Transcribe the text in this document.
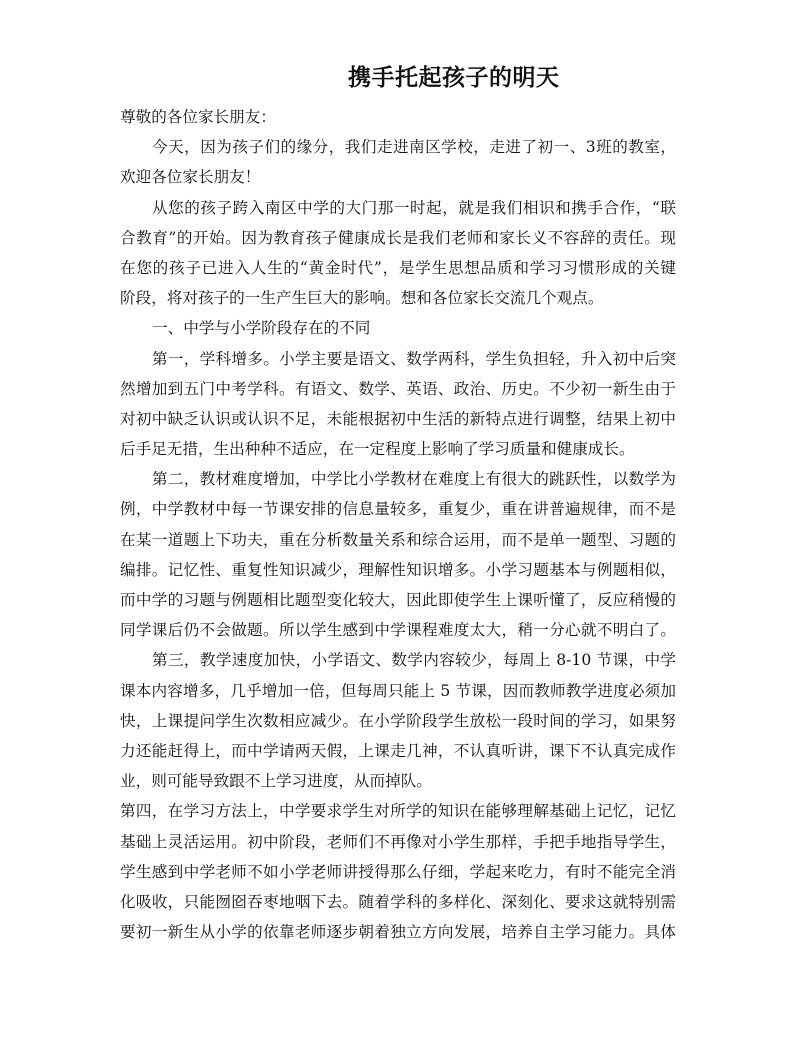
携手托起孩子的明天
尊敬的各位家长朋友：
今天，因为孩子们的缘分，我们走进南区学校，走进了初一、3班的教室，
欢迎各位家长朋友！
从您的孩子跨入南区中学的大门那一时起，就是我们相识和携手合作，“联
合教育”的开始。因为教育孩子健康成长是我们老师和家长义不容辞的责任。现
在您的孩子已进入人生的“黄金时代”，是学生思想品质和学习习惯形成的关键
阶段，将对孩子的一生产生巨大的影响。想和各位家长交流几个观点。
一、中学与小学阶段存在的不同
第一，学科增多。小学主要是语文、数学两科，学生负担轻，升入初中后突
然增加到五门中考学科。有语文、数学、英语、政治、历史。不少初一新生由于
对初中缺乏认识或认识不足，未能根据初中生活的新特点进行调整，结果上初中
后手足无措，生出种种不适应，在一定程度上影响了学习质量和健康成长。
第二，教材难度增加，中学比小学教材在难度上有很大的跳跃性，以数学为
例，中学教材中每一节课安排的信息量较多，重复少，重在讲普遍规律，而不是
在某一道题上下功夫，重在分析数量关系和综合运用，而不是单一题型、习题的
编排。记忆性、重复性知识减少，理解性知识增多。小学习题基本与例题相似，
而中学的习题与例题相比题型变化较大，因此即使学生上课听懂了，反应稍慢的
同学课后仍不会做题。所以学生感到中学课程难度太大，稍一分心就不明白了。
第三，教学速度加快，小学语文、数学内容较少，每周上 8-10 节课，中学
课本内容增多，几乎增加一倍，但每周只能上 5 节课，因而教师教学进度必须加
快，上课提问学生次数相应减少。在小学阶段学生放松一段时间的学习，如果努
力还能赶得上，而中学请两天假，上课走几神，不认真听讲，课下不认真完成作
业，则可能导致跟不上学习进度，从而掉队。
第四，在学习方法上，中学要求学生对所学的知识在能够理解基础上记忆，记忆
基础上灵活运用。初中阶段，老师们不再像对小学生那样，手把手地指导学生，
学生感到中学老师不如小学老师讲授得那么仔细，学起来吃力，有时不能完全消
化吸收，只能囫囵吞枣地咽下去。随着学科的多样化、深刻化、要求这就特别需
要初一新生从小学的依靠老师逐步朝着独立方向发展，培养自主学习能力。具体
